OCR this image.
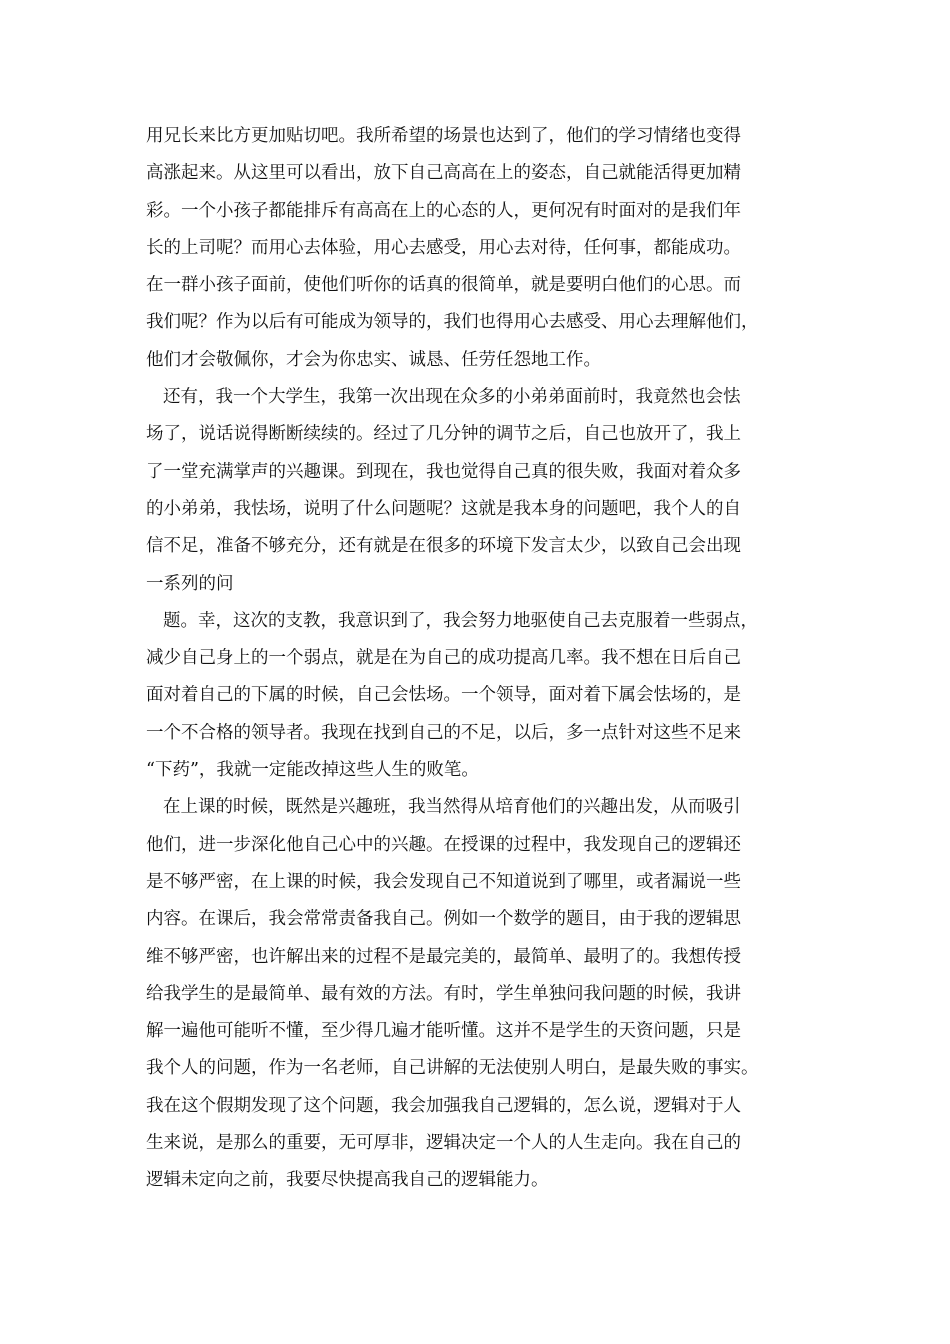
用兄长来比方更加贴切吧。我所希望的场景也达到了，他们的学习情绪也变得
高涨起来。从这里可以看出，放下自己高高在上的姿态，自己就能活得更加精
彩。一个小孩子都能排斥有高高在上的心态的人，更何况有时面对的是我们年
长的上司呢？而用心去体验，用心去感受，用心去对待，任何事，都能成功。
在一群小孩子面前，使他们听你的话真的很简单，就是要明白他们的心思。而
我们呢？作为以后有可能成为领导的，我们也得用心去感受、用心去理解他们，
他们才会敬佩你，才会为你忠实、诚恳、任劳任怨地工作。
还有，我一个大学生，我第一次出现在众多的小弟弟面前时，我竟然也会怯
场了，说话说得断断续续的。经过了几分钟的调节之后，自己也放开了，我上
了一堂充满掌声的兴趣课。到现在，我也觉得自己真的很失败，我面对着众多
的小弟弟，我怯场，说明了什么问题呢？这就是我本身的问题吧，我个人的自
信不足，准备不够充分，还有就是在很多的环境下发言太少，以致自己会出现
一系列的问
题。幸，这次的支教，我意识到了，我会努力地驱使自己去克服着一些弱点，
减少自己身上的一个弱点，就是在为自己的成功提高几率。我不想在日后自己
面对着自己的下属的时候，自己会怯场。一个领导，面对着下属会怯场的，是
一个不合格的领导者。我现在找到自己的不足，以后，多一点针对这些不足来
“下药”，我就一定能改掉这些人生的败笔。
在上课的时候，既然是兴趣班，我当然得从培育他们的兴趣出发，从而吸引
他们，进一步深化他自己心中的兴趣。在授课的过程中，我发现自己的逻辑还
是不够严密，在上课的时候，我会发现自己不知道说到了哪里，或者漏说一些
内容。在课后，我会常常责备我自己。例如一个数学的题目，由于我的逻辑思
维不够严密，也许解出来的过程不是最完美的，最简单、最明了的。我想传授
给我学生的是最简单、最有效的方法。有时，学生单独问我问题的时候，我讲
解一遍他可能听不懂，至少得几遍才能听懂。这并不是学生的天资问题，只是
我个人的问题，作为一名老师，自己讲解的无法使别人明白，是最失败的事实。
我在这个假期发现了这个问题，我会加强我自己逻辑的，怎么说，逻辑对于人
生来说，是那么的重要，无可厚非，逻辑决定一个人的人生走向。我在自己的
逻辑未定向之前，我要尽快提高我自己的逻辑能力。
